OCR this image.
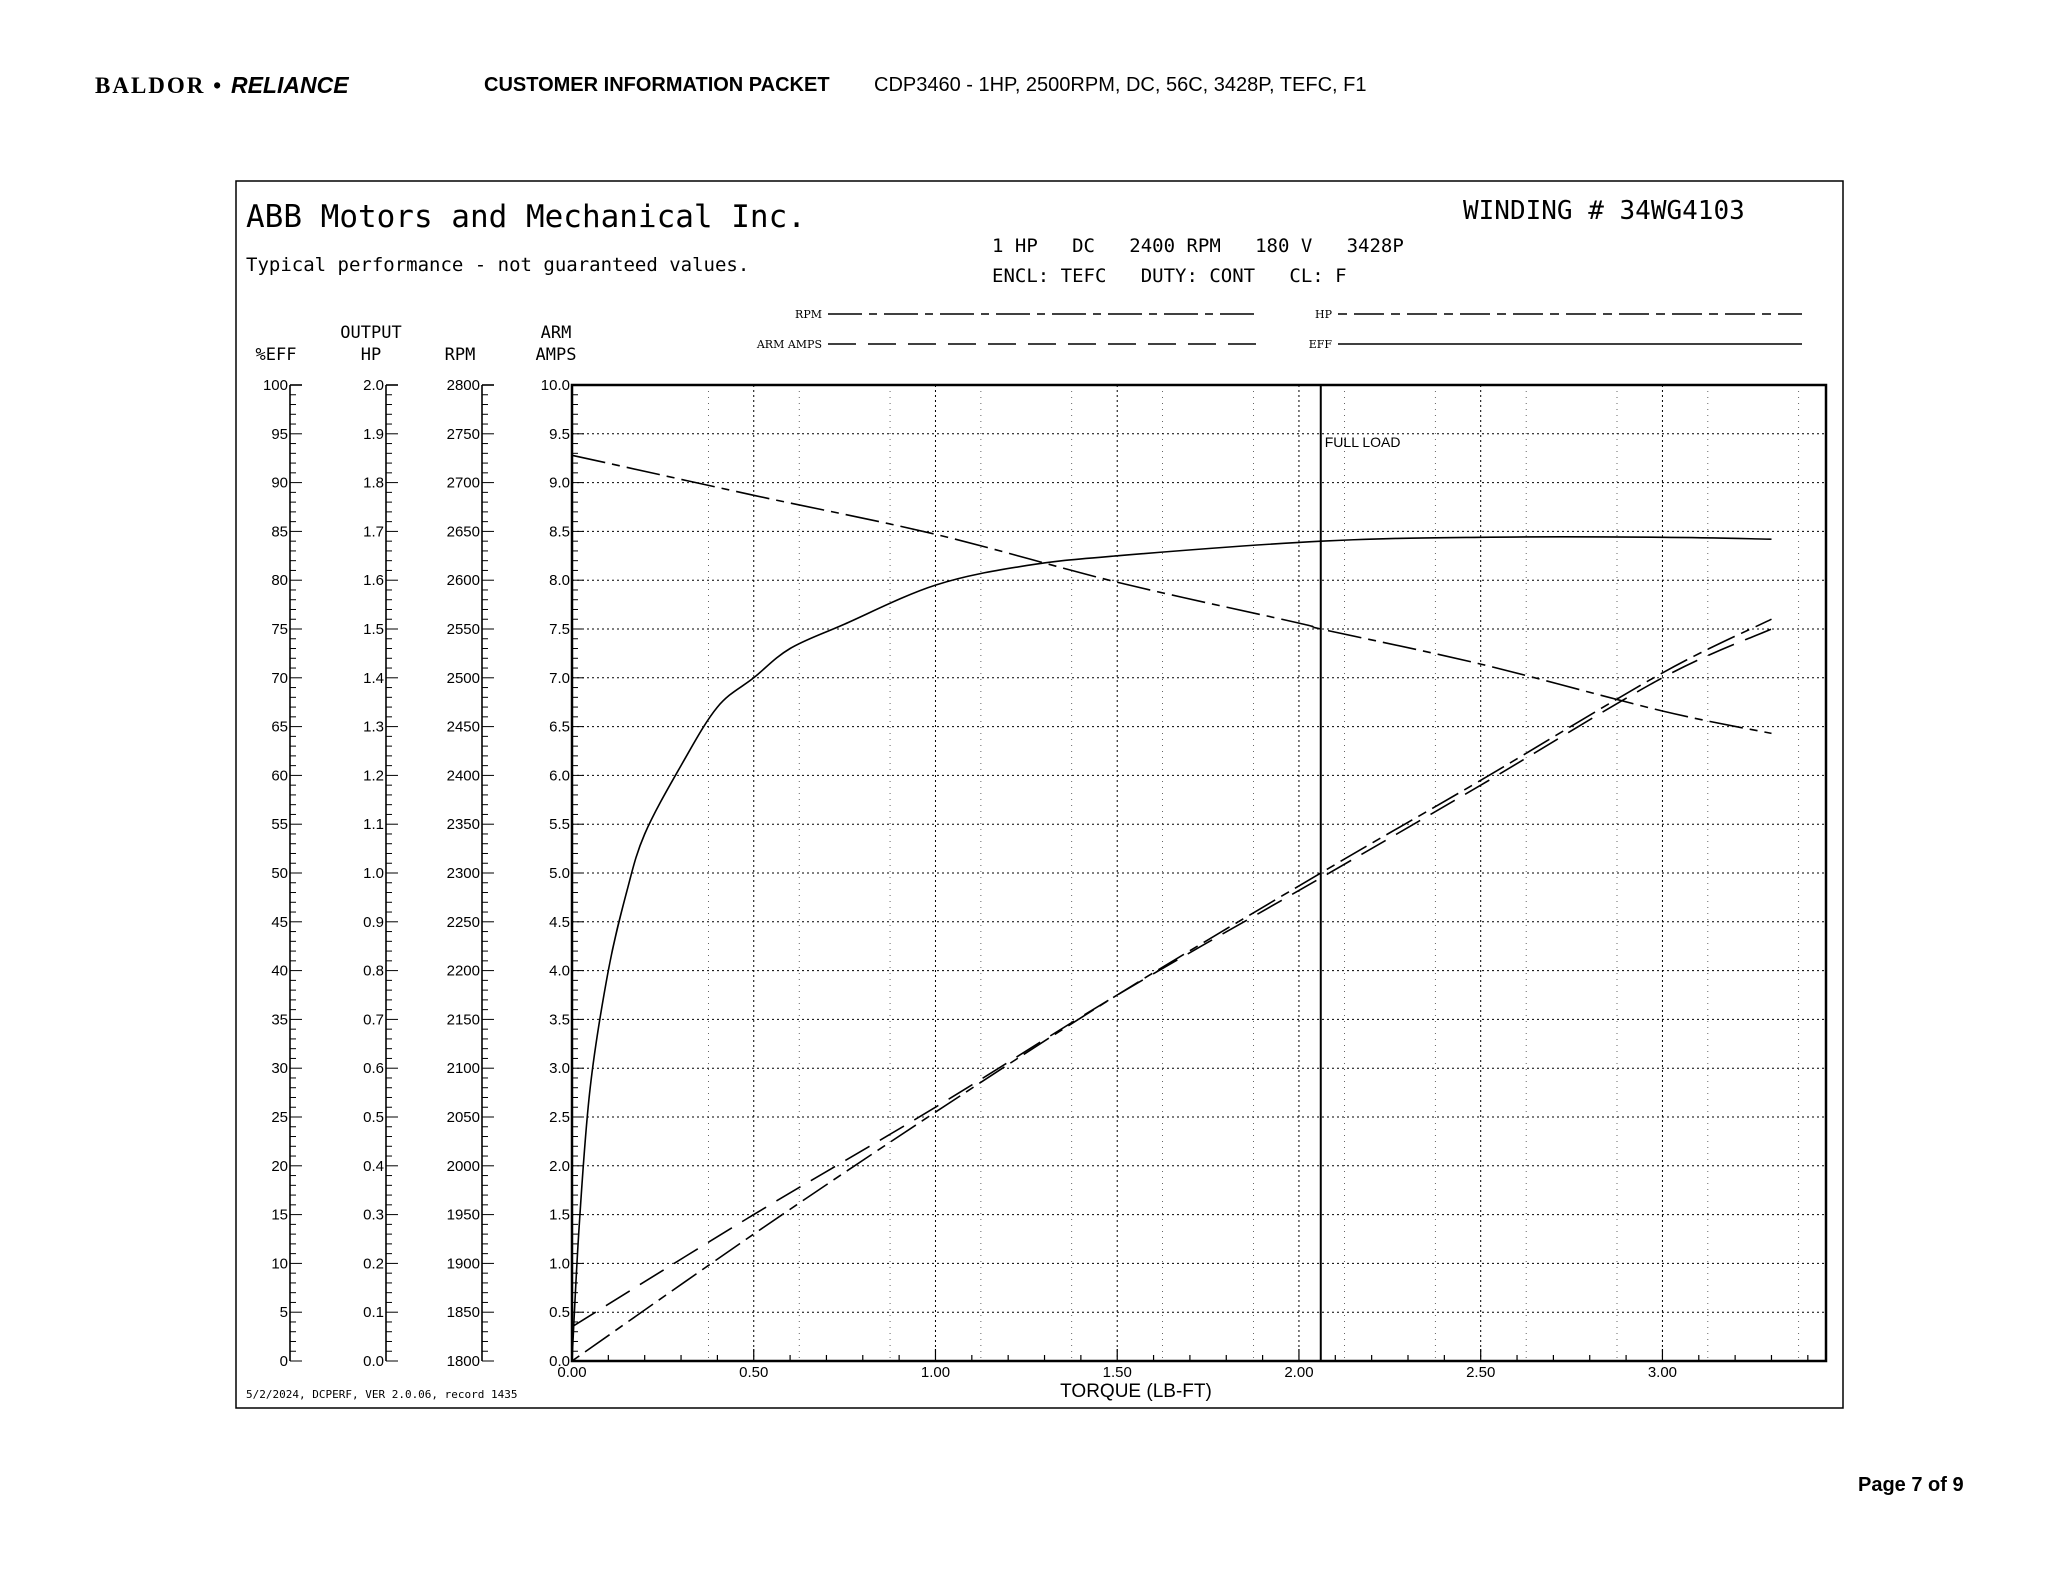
BALDOR • RELIANCE	CUSTOMER INFORMATION PACKET CDP3460 - 1HP, 2500RPM, DC, 56C, 3428P, TEFC, F1
ABB Motors and Mechanical Inc.
Typical performance - not guaranteed values.
WINDING # 34WG4103
1 HP   DC   2400 RPM   180 V   3428P
ENCL: TEFC   DUTY: CONT   CL: F
RPM
ARM AMPS
HP
EFF
100
95
90
85
80
75
70
65
60
55
50
45
40
35
30
25
20
15
10
5
0
%EFF
2.0
1.9
1.8
1.7
1.6
1.5
1.4
1.3
1.2
1.1
1.0
0.9
0.8
0.7
0.6
0.5
0.4
0.3
0.2
0.1
0.0
OUTPUT
HP
2800
2750
2700
2650
2600
2550
2500
2450
2400
2350
2300
2250
2200
2150
2100
2050
2000
1950
1900
1850
1800
RPM
10.0
9.5
9.0
8.5
8.0
7.5
7.0
6.5
6.0
5.5
5.0
4.5
4.0
3.5
3.0
2.5
2.0
1.5
1.0
0.5
0.0
ARM
AMPS
0.00	0.50	1.00	1.50	2.00	2.50	3.00
FULL LOAD
TORQUE (LB-FT)
5/2/2024, DCPERF, VER 2.0.06, record 1435
Page 7 of 9
